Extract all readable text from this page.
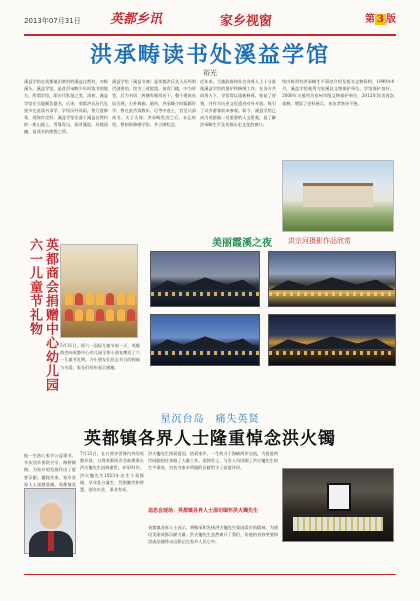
2013年07月31日 英都乡讯	家乡视窗	第 3 版
洪承畴读书处溪益学馆
裕光
溪益学馆在英都镇田底村的溪益自然村，亦称溪头。溪益学馆，是昔洪承畴少年时读书的地方，所谓学馆，即古代私塾之类，清初，溪益学馆在当地颇负盛名，后来，英都洪氏历代先贤多在此读书求学，学馆历经风雨，曾几度修葺，现保存完好。溪益学馆坐落于溪益自然村的一座山坡上，背靠青山，面对溪流，环境清幽，是读书的理想之所。
溪益学馆（溪益书斋）是英都洪氏先人历经明代创建的，馆为三进院落，前有门楼，中为讲堂，后为书房，两侧有厢房若干。整个建筑布局合理，古朴典雅。据传，洪承畴少时聪颖好学，曾在此苦读数年，后考中进士，官至兵部尚书、太子太保。洪承畴发迹之后，未忘故里，曾捐资修缮学馆，并立碑纪念。
近年来，当地政府和社会各界人士十分重视溪益学馆的保护和修缮工作。在各方共同努力下，学馆得以重新修葺，恢复了原貌，并作为历史文化遗迹对外开放，吸引了众多游客前来参观。如今，溪益学馆已成为英都镇一处重要的人文景观，是了解洪承畴生平及英都历史文化的窗口。
馆内陈列有洪承畴生平事迹介绍及相关文物资料。1999年4月，溪益学馆被列为安溪县文物保护单位。学馆保护良好，2008年又被列为泉州市级文物保护单位，2012年馆舍再次重修，增添了史料展示，来访者络绎不绝。
英都商会捐赠中心幼儿园六一儿童节礼物
5月31日，即六一国际儿童节前一天，英都商会向英都中心幼儿园全体小朋友赠送了六一儿童节礼物，为小朋友们送去节日的祝福与关爱，家长们纷纷表示感谢。
美丽霞溪之夜 洪宗河摄影作品欣赏
星沉台岛　痛失英贤
英都镇各界人士隆重悼念洪火镯
7月21日，在台湾享誉海内外的英都乡贤、台湾英都同乡会前理事长洪火镯先生因病逝世，享年91岁。洪火镯先生1923年出生于英都镇，早年赴台谋生，凭借勤劳和智慧，创办实业，事业有成。
他一生热心家乡公益事业，多次回乡捐资兴学，修桥铺路，为家乡的发展作出了重要贡献。噩耗传来，家乡各界人士深感悲痛。英都镇党
洪火镯先生热爱祖国、热爱家乡，一生致力于海峡两岸交流，为促进两岸同胞的往来做了大量工作。追悼会上，与会人员回顾了洪火镯先生的生平事迹，对其为家乡所做的贡献给予了高度评价。
追思会现场：英都镇各界人士深切缅怀洪火镯先生
英都镇各界人士表示，将继承和发扬洪火镯先生爱国爱乡的精神，为建设美丽英都贡献力量。洪火镯先生虽然离开了我们，但他的音容笑貌和崇高品德将永远铭记在家乡人民心中。
